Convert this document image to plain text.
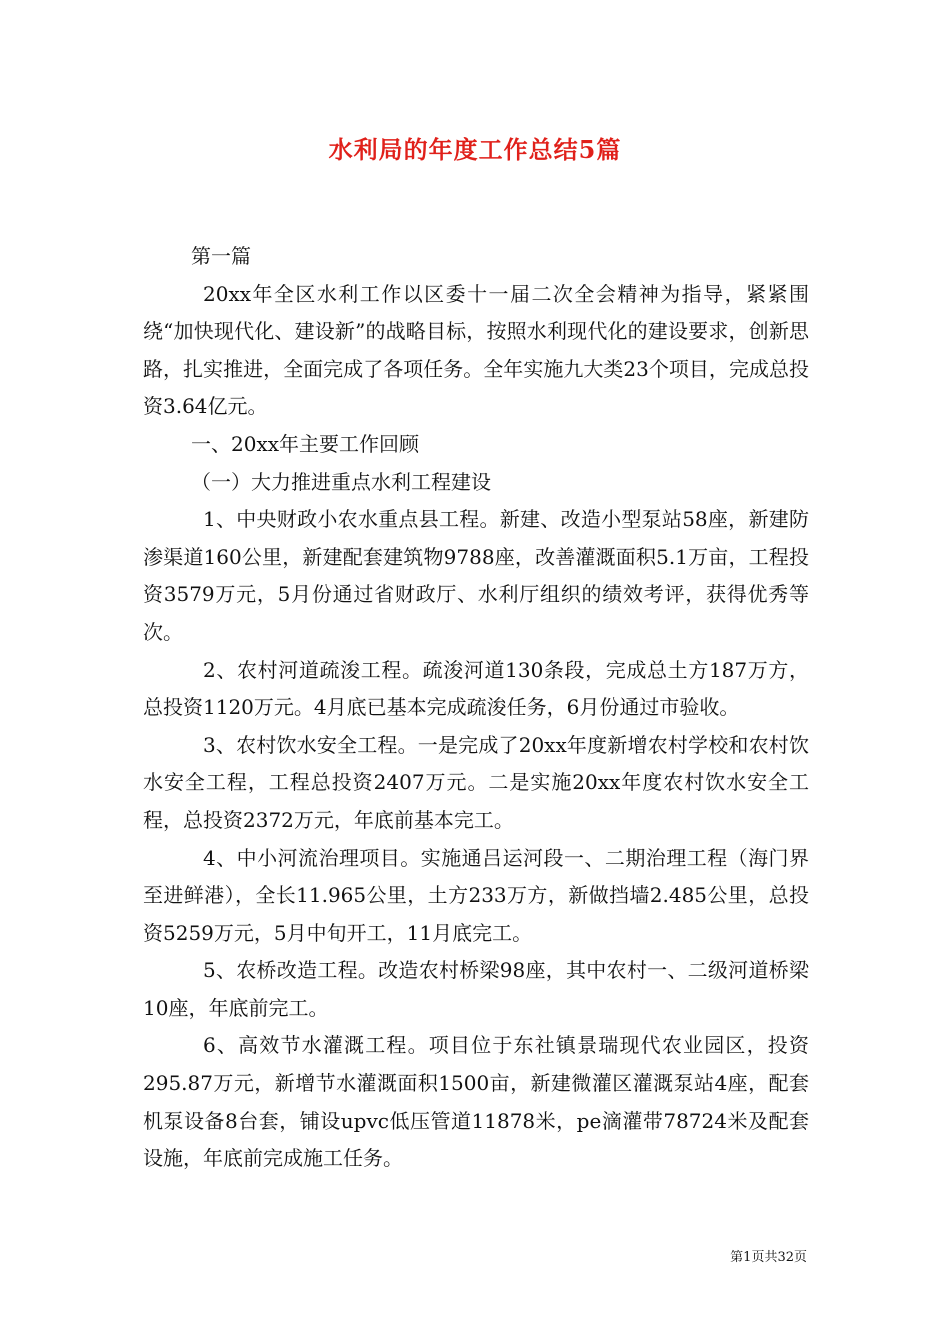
水利局的年度工作总结5篇

第一篇

20xx年全区水利工作以区委十一届二次全会精神为指导，紧紧围绕“加快现代化、建设新”的战略目标，按照水利现代化的建设要求，创新思路，扎实推进，全面完成了各项任务。全年实施九大类23个项目，完成总投资3.64亿元。

一、20xx年主要工作回顾

（一）大力推进重点水利工程建设

1、中央财政小农水重点县工程。新建、改造小型泵站58座，新建防渗渠道160公里，新建配套建筑物9788座，改善灌溉面积5.1万亩，工程投资3579万元，5月份通过省财政厅、水利厅组织的绩效考评，获得优秀等次。

2、农村河道疏浚工程。疏浚河道130条段，完成总土方187万方，总投资1120万元。4月底已基本完成疏浚任务，6月份通过市验收。

3、农村饮水安全工程。一是完成了20xx年度新增农村学校和农村饮水安全工程，工程总投资2407万元。二是实施20xx年度农村饮水安全工程，总投资2372万元，年底前基本完工。

4、中小河流治理项目。实施通吕运河段一、二期治理工程（海门界至进鲜港），全长11.965公里，土方233万方，新做挡墙2.485公里，总投资5259万元，5月中旬开工，11月底完工。

5、农桥改造工程。改造农村桥梁98座，其中农村一、二级河道桥梁10座，年底前完工。

6、高效节水灌溉工程。项目位于东社镇景瑞现代农业园区，投资295.87万元，新增节水灌溉面积1500亩，新建微灌区灌溉泵站4座，配套机泵设备8台套，铺设upvc低压管道11878米，pe滴灌带78724米及配套设施，年底前完成施工任务。

第1页共32页
